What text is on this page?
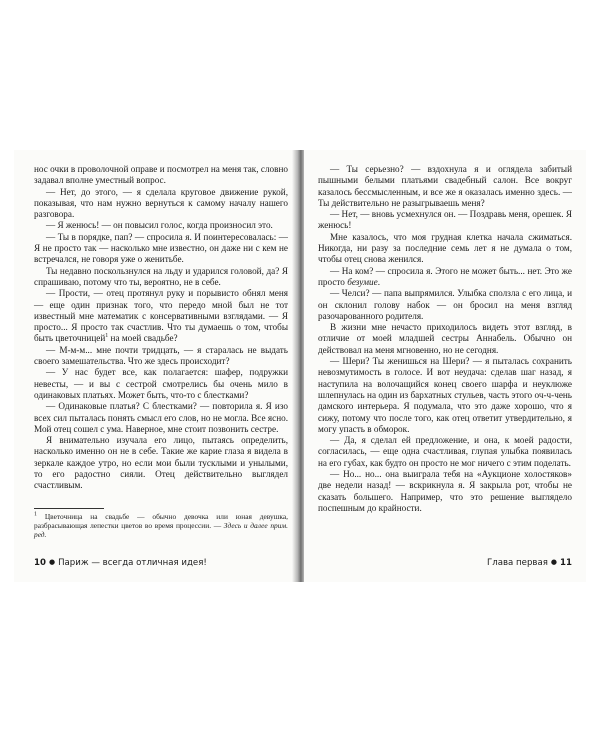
нос очки в проволочной оправе и посмотрел на меня так, словно задавал вполне уместный вопрос.

— Нет, до этого, — я сделала круговое движение рукой, показывая, что нам нужно вернуться к самому началу нашего разговора.

— Я женюсь! — он повысил голос, когда произносил это.

— Ты в порядке, пап? — спросила я. И поинтересовалась: — Я не просто так — насколько мне известно, он даже ни с кем не встречался, не говоря уже о женитьбе.

Ты недавно поскользнулся на льду и ударился головой, да? Я спрашиваю, потому что ты, вероятно, не в себе.

— Прости, — отец протянул руку и порывисто обнял меня — еще один признак того, что передо мной был не тот известный мне математик с консервативными взглядами. — Я просто... Я просто так счастлив. Что ты думаешь о том, чтобы быть цветочницей$^1$ на моей свадьбе?

— М-м-м... мне почти тридцать, — я старалась не выдать своего замешательства. Что же здесь происходит?

— У нас будет все, как полагается: шафер, подружки невесты, — и вы с сестрой смотрелись бы очень мило в одинаковых платьях. Может быть, что-то с блестками?

— Одинаковые платья? С блестками? — повторила я. Я изо всех сил пыталась понять смысл его слов, но не могла. Все ясно. Мой отец сошел с ума. Наверное, мне стоит позвонить сестре.

Я внимательно изучала его лицо, пытаясь определить, насколько именно он не в себе. Такие же карие глаза я видела в зеркале каждое утро, но если мои были тусклыми и унылыми, то его радостно сияли. Отец действительно выглядел счастливым.

$^1$ Цветочница на свадьбе — обычно девочка или юная девушка, разбрасывающая лепестки цветов во время процессии. — Здесь и далее прим. ред.

10 ● Париж — всегда отличная идея!

— Ты серьезно? — вздохнула я и оглядела забитый пышными белыми платьями свадебный салон. Все вокруг казалось бессмысленным, и все же я оказалась именно здесь. — Ты действительно не разыгрываешь меня?

— Нет, — вновь усмехнулся он. — Поздравь меня, орешек. Я женюсь!

Мне казалось, что моя грудная клетка начала сжиматься. Никогда, ни разу за последние семь лет я не думала о том, чтобы отец снова женился.

— На ком? — спросила я. Этого не может быть... нет. Это же просто безумие.

— Челси? — папа выпрямился. Улыбка сползла с его лица, и он склонил голову набок — он бросил на меня взгляд разочарованного родителя.

В жизни мне нечасто приходилось видеть этот взгляд, в отличие от моей младшей сестры Аннабель. Обычно он действовал на меня мгновенно, но не сегодня.

— Шери? Ты женишься на Шери? — я пыталась сохранить невозмутимость в голосе. И вот неудача: сделав шаг назад, я наступила на волочащийся конец своего шарфа и неуклюже шлепнулась на один из бархатных стульев, часть этого оч-ч-чень дамского интерьера. Я подумала, что это даже хорошо, что я сижу, потому что после того, как отец ответит утвердительно, я могу упасть в обморок.

— Да, я сделал ей предложение, и она, к моей радости, согласилась, — еще одна счастливая, глупая улыбка появилась на его губах, как будто он просто не мог ничего с этим поделать.

— Но... но... она выиграла тебя на «Аукционе холостяков» две недели назад! — вскрикнула я. Я закрыла рот, чтобы не сказать большего. Например, что это решение выглядело поспешным до крайности.

Глава первая ● 11
